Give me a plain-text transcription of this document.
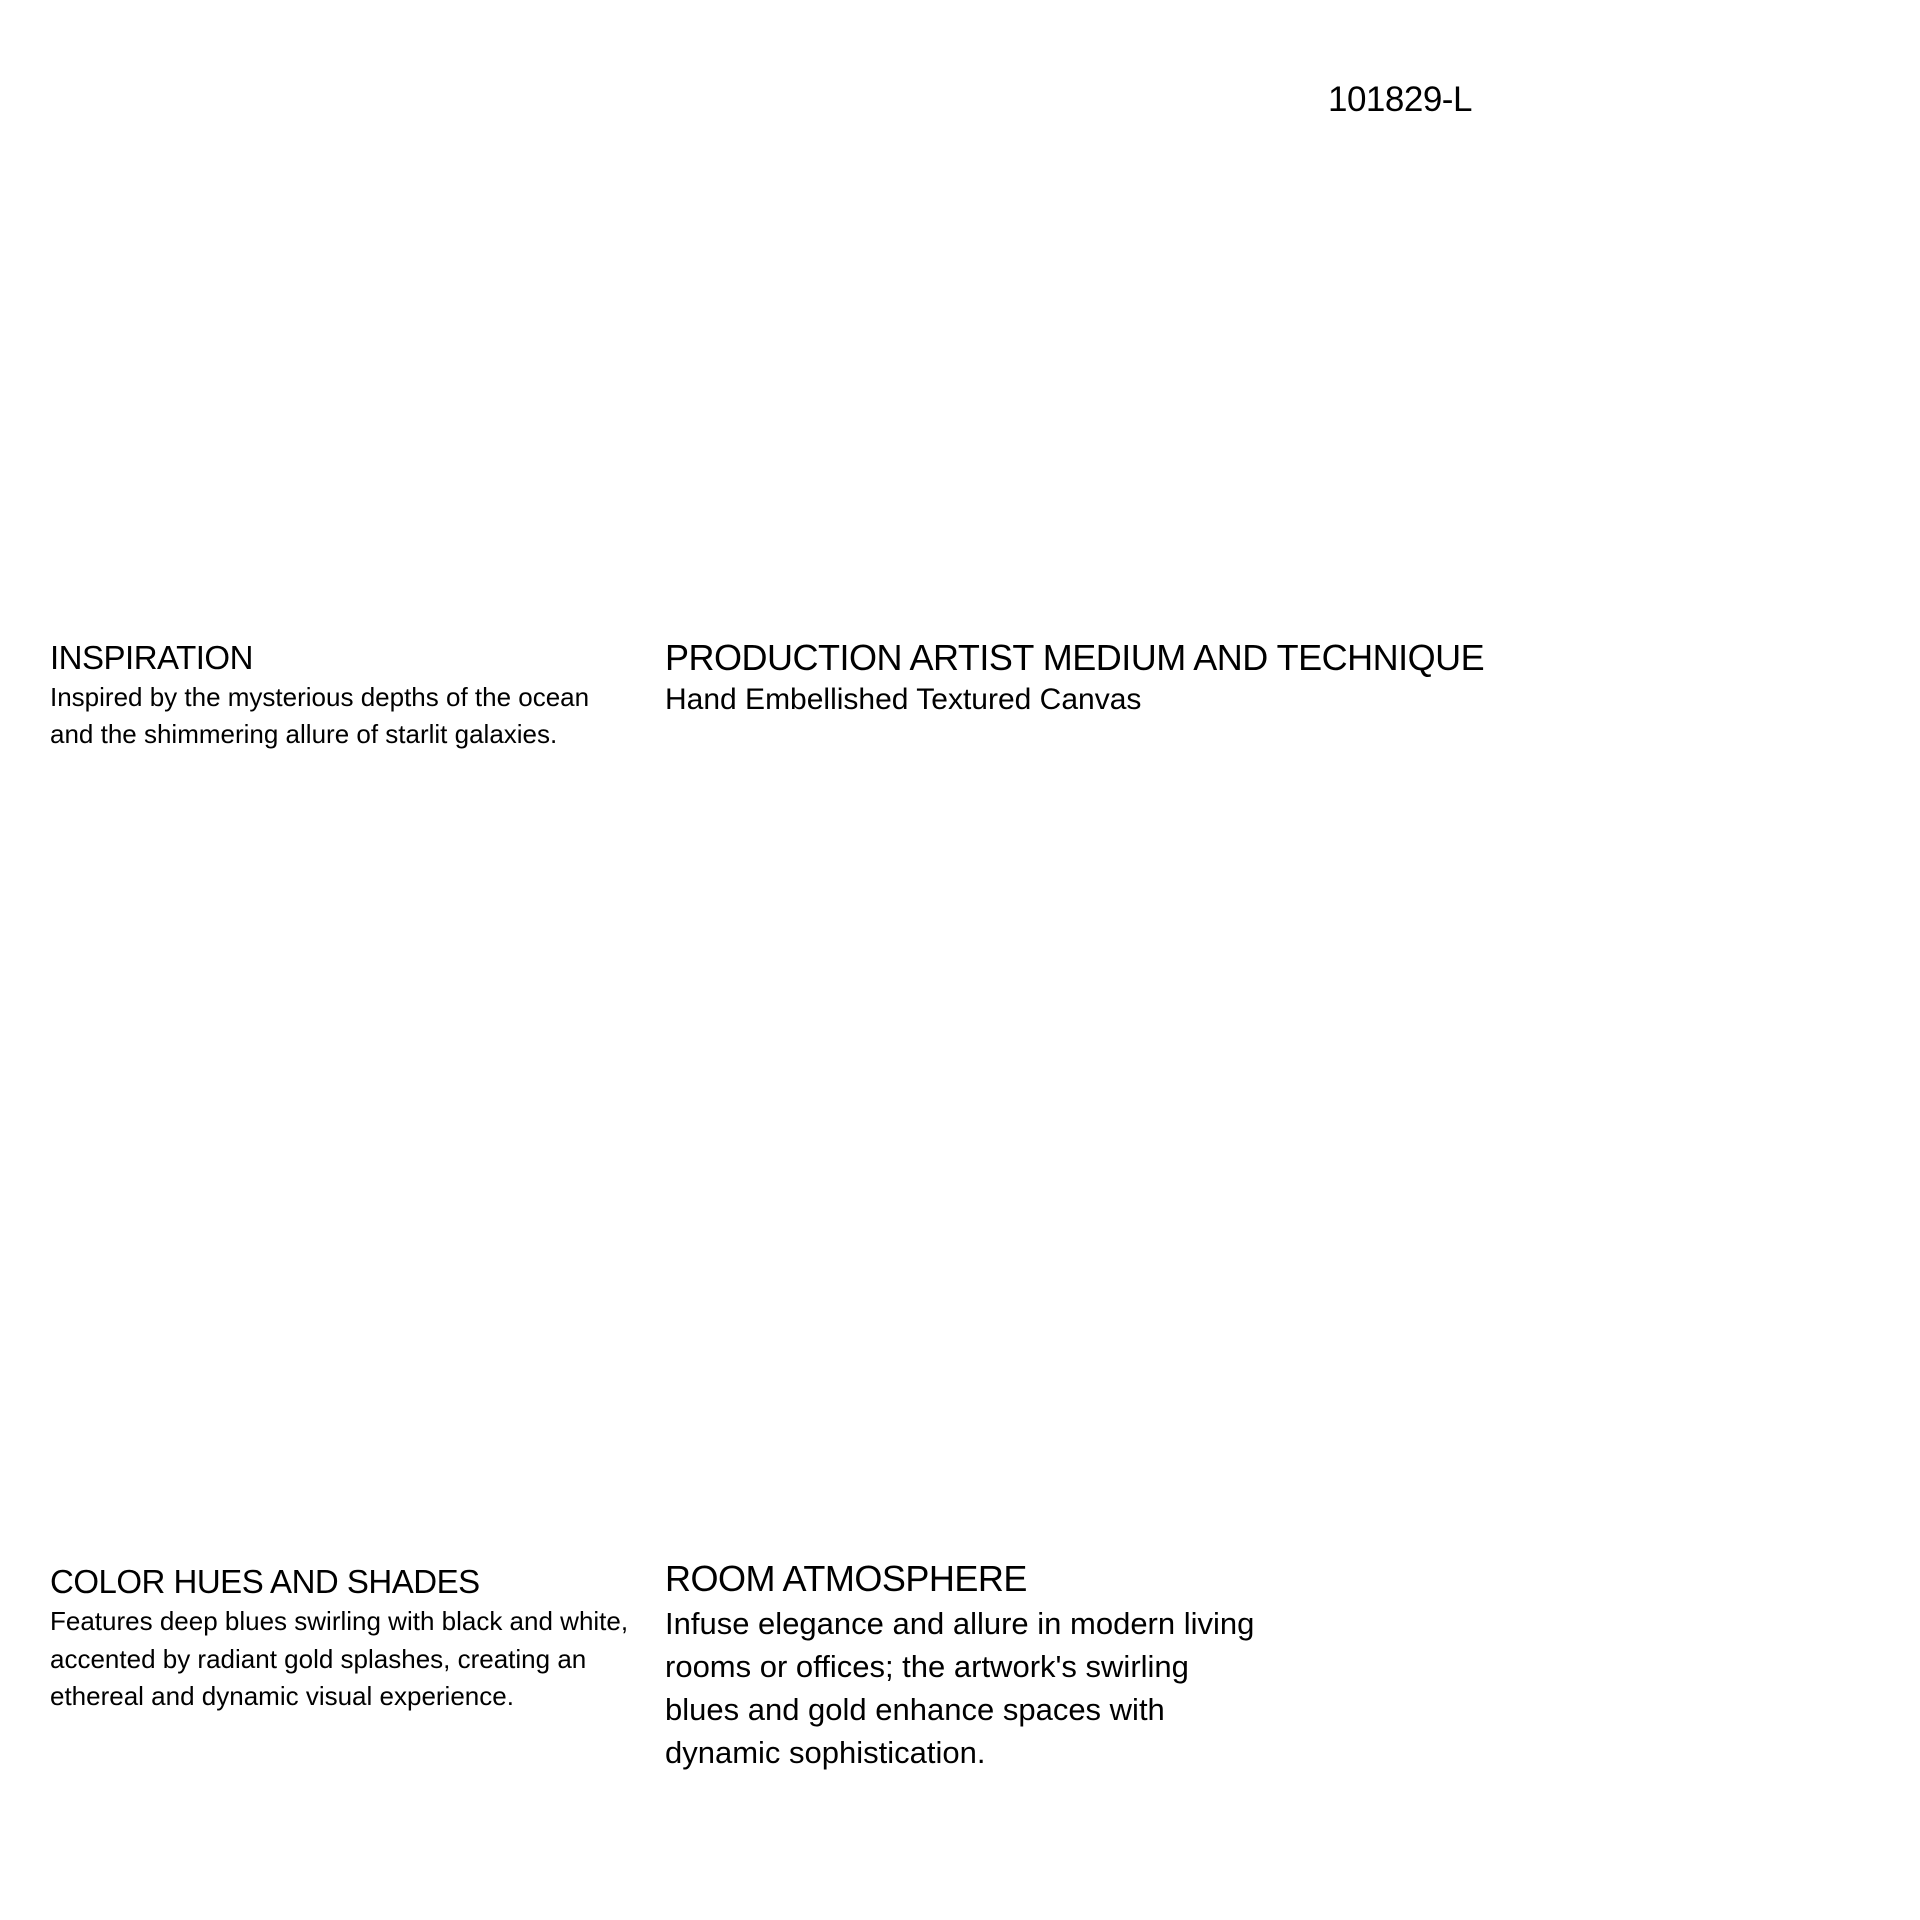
101829-L
INSPIRATION

Inspired by the mysterious depths of the ocean and the shimmering allure of starlit galaxies.

PRODUCTION ARTIST MEDIUM AND TECHNIQUE

Hand Embellished Textured Canvas

COLOR HUES AND SHADES

Features deep blues swirling with black and white, accented by radiant gold splashes, creating an ethereal and dynamic visual experience.

ROOM ATMOSPHERE

Infuse elegance and allure in modern living rooms or offices; the artwork's swirling blues and gold enhance spaces with dynamic sophistication.
